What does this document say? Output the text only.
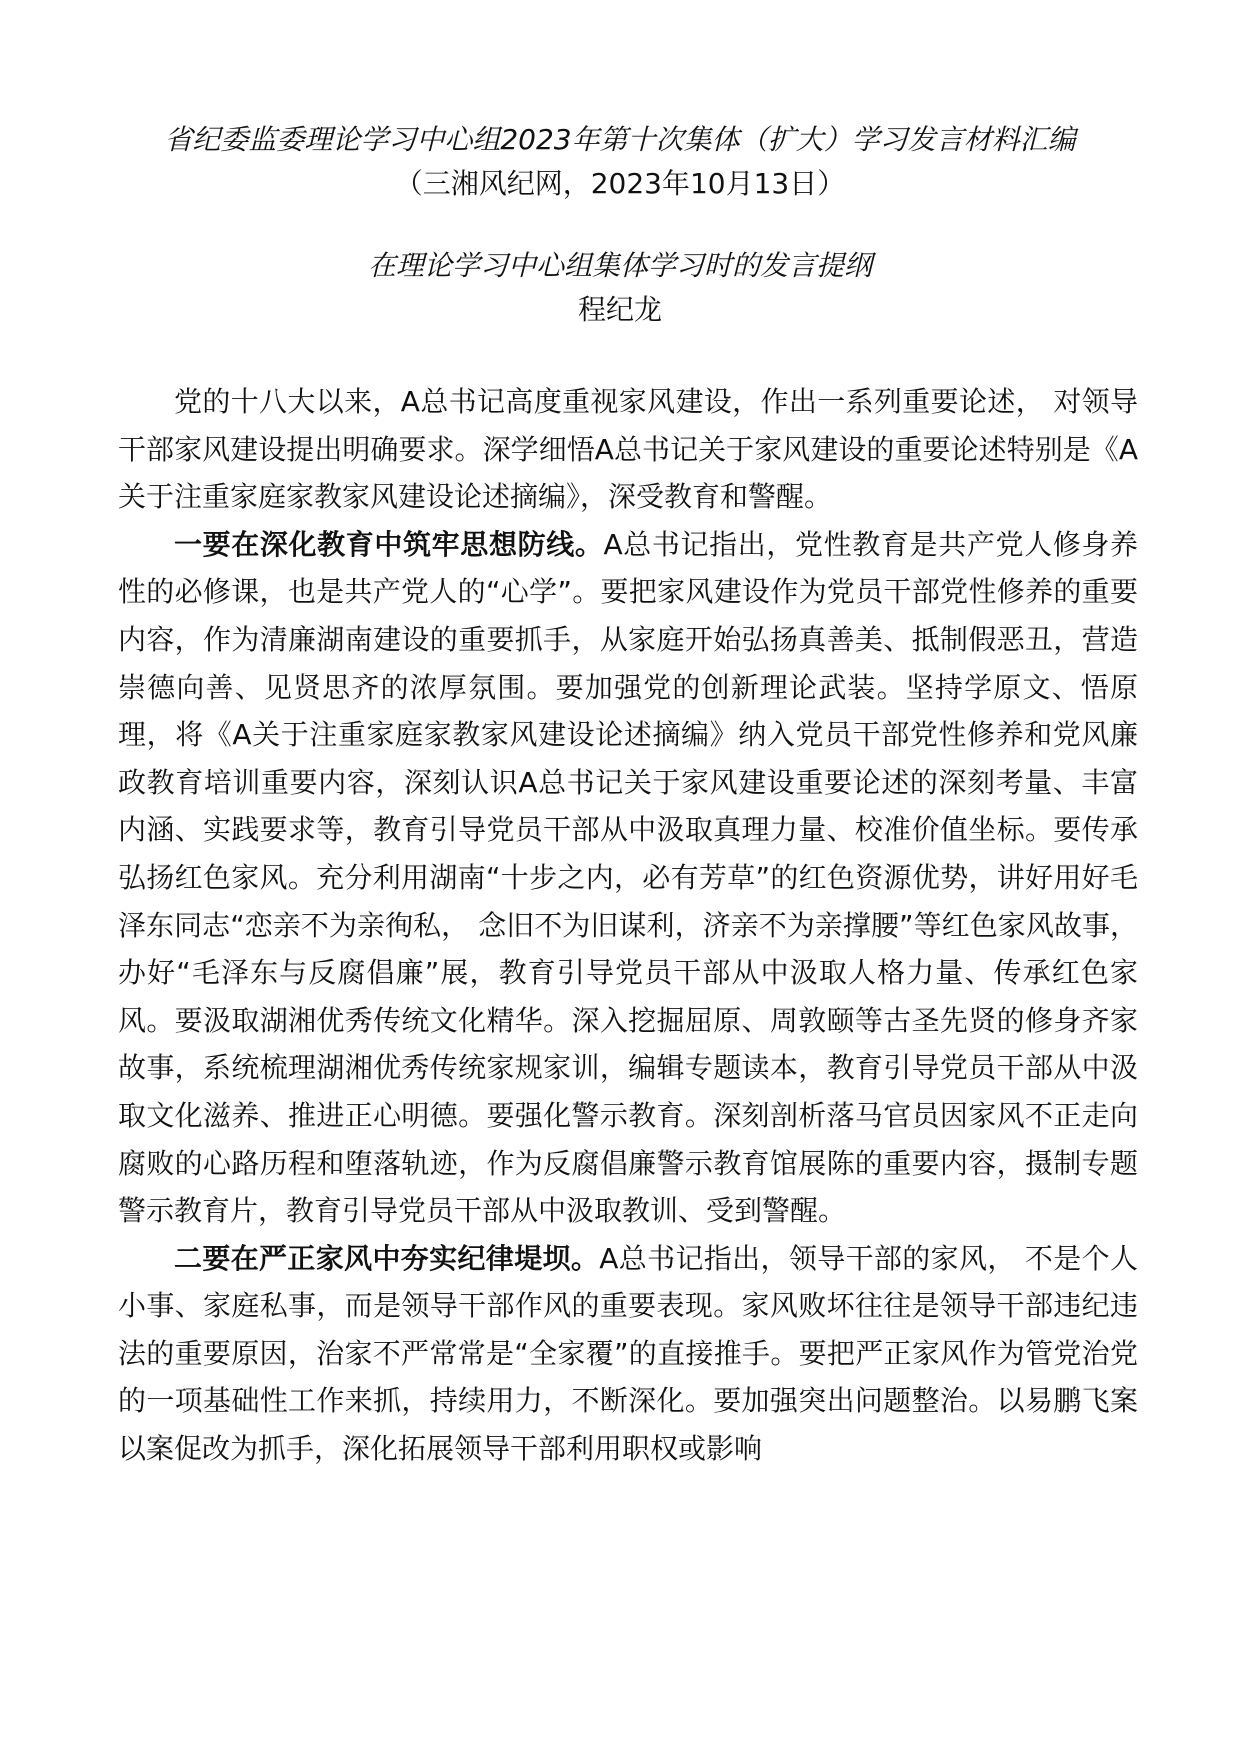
省纪委监委理论学习中心组2023年第十次集体（扩大）学习发言材料汇编

（三湘风纪网，2023年10月13日）

在理论学习中心组集体学习时的发言提纲

程纪龙

党的十八大以来，A总书记高度重视家风建设，作出一系列重要论述， 对领导干部家风建设提出明确要求。深学细悟A总书记关于家风建设的重要论述特别是《A关于注重家庭家教家风建设论述摘编》，深受教育和警醒。

一要在深化教育中筑牢思想防线。A总书记指出，党性教育是共产党人修身养性的必修课，也是共产党人的“心学”。要把家风建设作为党员干部党性修养的重要内容，作为清廉湖南建设的重要抓手，从家庭开始弘扬真善美、抵制假恶丑，营造崇德向善、见贤思齐的浓厚氛围。要加强党的创新理论武装。坚持学原文、悟原理，将《A关于注重家庭家教家风建设论述摘编》纳入党员干部党性修养和党风廉政教育培训重要内容，深刻认识A总书记关于家风建设重要论述的深刻考量、丰富内涵、实践要求等，教育引导党员干部从中汲取真理力量、校准价值坐标。要传承弘扬红色家风。充分利用湖南“十步之内，必有芳草”的红色资源优势，讲好用好毛泽东同志“恋亲不为亲徇私， 念旧不为旧谋利，济亲不为亲撑腰”等红色家风故事，办好“毛泽东与反腐倡廉”展，教育引导党员干部从中汲取人格力量、传承红色家风。要汲取湖湘优秀传统文化精华。深入挖掘屈原、周敦颐等古圣先贤的修身齐家故事，系统梳理湖湘优秀传统家规家训，编辑专题读本，教育引导党员干部从中汲取文化滋养、推进正心明德。要强化警示教育。深刻剖析落马官员因家风不正走向腐败的心路历程和堕落轨迹，作为反腐倡廉警示教育馆展陈的重要内容，摄制专题警示教育片，教育引导党员干部从中汲取教训、受到警醒。

二要在严正家风中夯实纪律堤坝。A总书记指出，领导干部的家风， 不是个人小事、家庭私事，而是领导干部作风的重要表现。家风败坏往往是领导干部违纪违法的重要原因，治家不严常常是“全家覆”的直接推手。要把严正家风作为管党治党的一项基础性工作来抓，持续用力，不断深化。要加强突出问题整治。以易鹏飞案以案促改为抓手，深化拓展领导干部利用职权或影响
